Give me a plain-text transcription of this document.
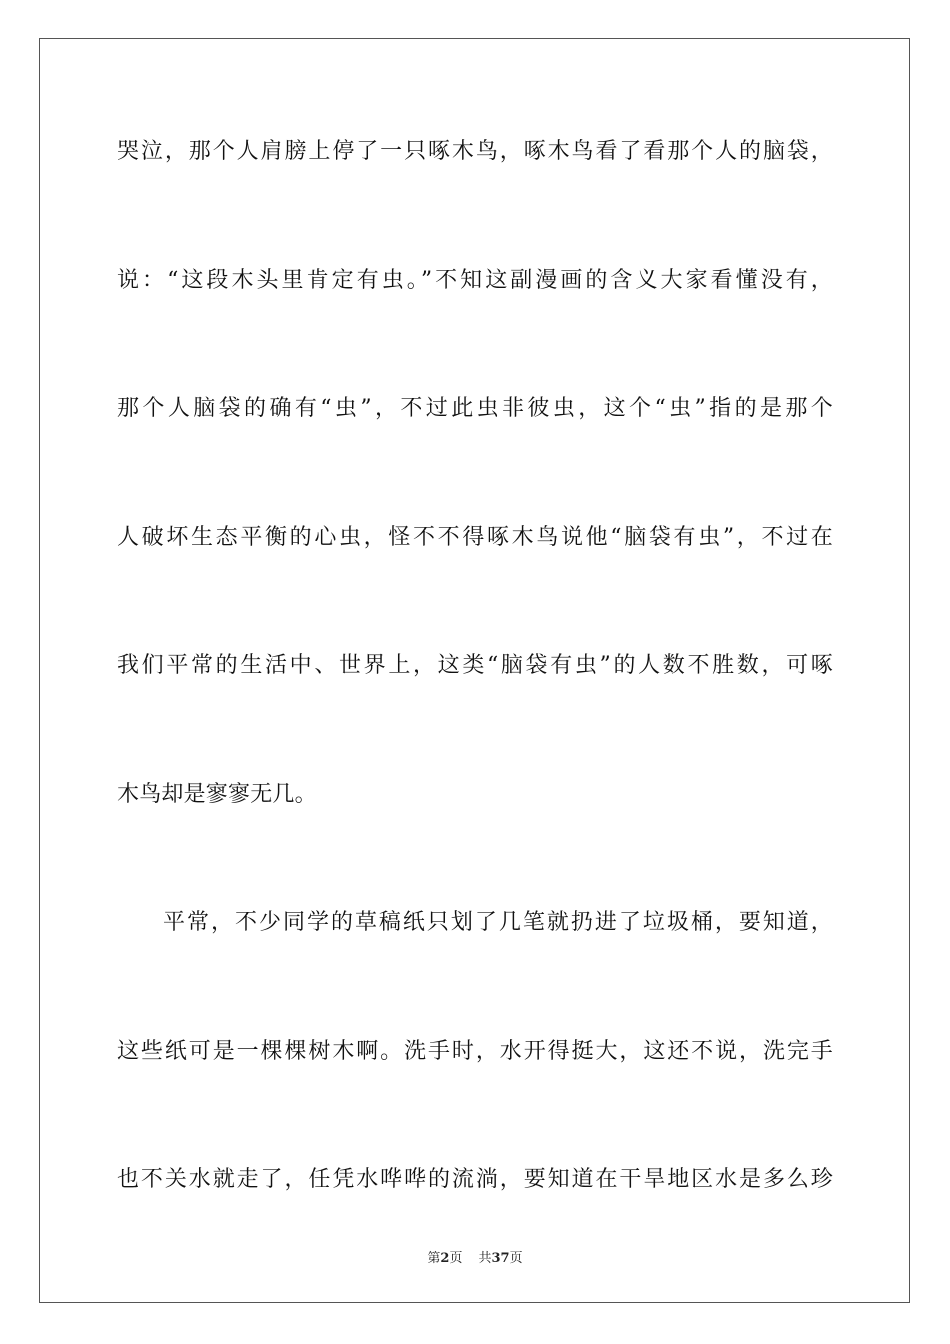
哭泣，那个人肩膀上停了一只啄木鸟，啄木鸟看了看那个人的脑袋，
说：“这段木头里肯定有虫。”不知这副漫画的含义大家看懂没有，
那个人脑袋的确有“虫”，不过此虫非彼虫，这个“虫”指的是那个
人破坏生态平衡的心虫，怪不不得啄木鸟说他“脑袋有虫”，不过在
我们平常的生活中、世界上，这类“脑袋有虫”的人数不胜数，可啄
木鸟却是寥寥无几。
平常，不少同学的草稿纸只划了几笔就扔进了垃圾桶，要知道，
这些纸可是一棵棵树木啊。洗手时，水开得挺大，这还不说，洗完手
也不关水就走了，任凭水哗哗的流淌，要知道在干旱地区水是多么珍
第2页 共37页
